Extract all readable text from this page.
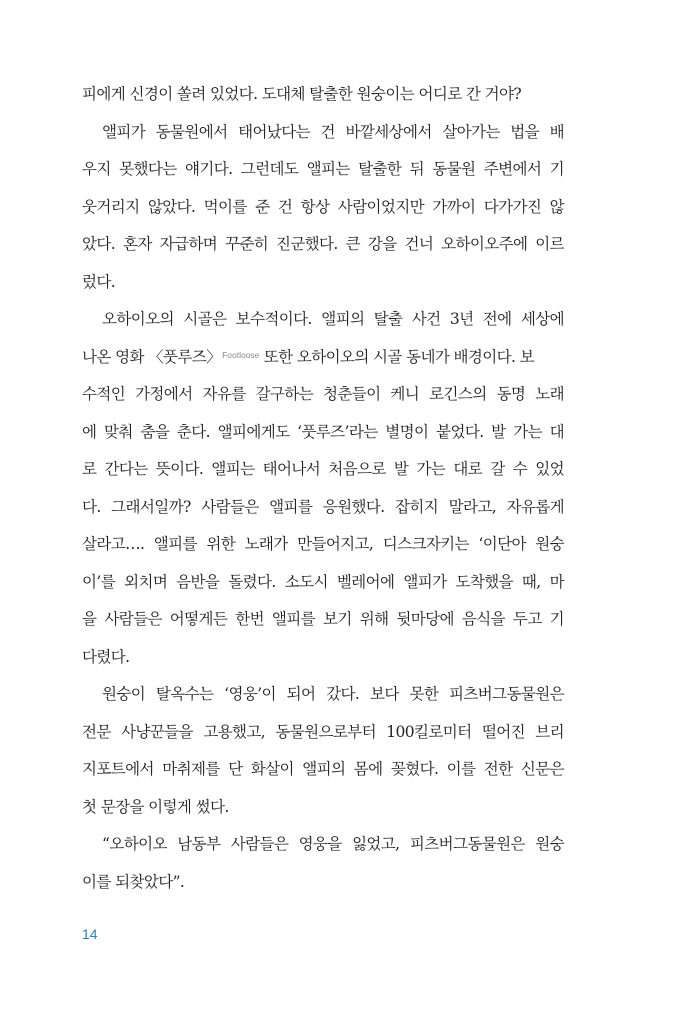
피에게 신경이 쏠려 있었다. 도대체 탈출한 원숭이는 어디로 간 거야?
앨피가 동물원에서 태어났다는 건 바깥세상에서 살아가는 법을 배
우지 못했다는 얘기다. 그런데도 앨피는 탈출한 뒤 동물원 주변에서 기
웃거리지 않았다. 먹이를 준 건 항상 사람이었지만 가까이 다가가진 않
았다. 혼자 자급하며 꾸준히 진군했다. 큰 강을 건너 오하이오주에 이르
렀다.
오하이오의 시골은 보수적이다. 앨피의 탈출 사건 3년 전에 세상에
나온 영화 〈풋루즈〉$^{Footloose}$ 또한 오하이오의 시골 동네가 배경이다. 보
수적인 가정에서 자유를 갈구하는 청춘들이 케니 로긴스의 동명 노래
에 맞춰 춤을 춘다. 앨피에게도 ‘풋루즈’라는 별명이 붙었다. 발 가는 대
로 간다는 뜻이다. 앨피는 태어나서 처음으로 발 가는 대로 갈 수 있었
다. 그래서일까? 사람들은 앨피를 응원했다. 잡히지 말라고, 자유롭게
살라고…. 앨피를 위한 노래가 만들어지고, 디스크자키는 ‘이단아 원숭
이’를 외치며 음반을 돌렸다. 소도시 벨레어에 앨피가 도착했을 때, 마
을 사람들은 어떻게든 한번 앨피를 보기 위해 뒷마당에 음식을 두고 기
다렸다.
원숭이 탈옥수는 ‘영웅’이 되어 갔다. 보다 못한 피츠버그동물원은
전문 사냥꾼들을 고용했고, 동물원으로부터 100킬로미터 떨어진 브리
지포트에서 마취제를 단 화살이 앨피의 몸에 꽂혔다. 이를 전한 신문은
첫 문장을 이렇게 썼다.
“오하이오 남동부 사람들은 영웅을 잃었고, 피츠버그동물원은 원숭
이를 되찾았다”.
14
